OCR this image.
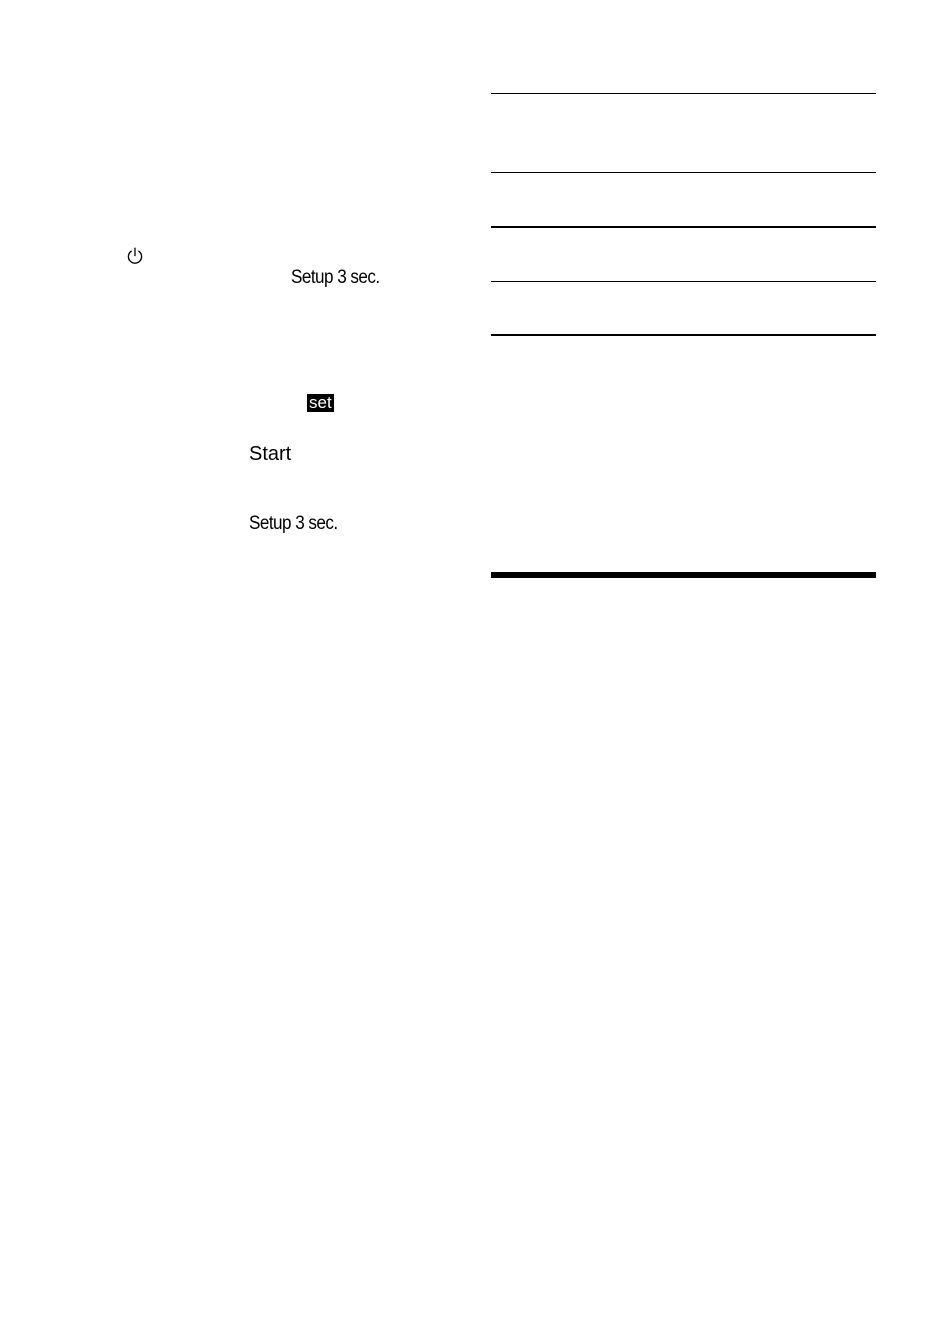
Setup 3 sec.
set
Start
Setup 3 sec.
